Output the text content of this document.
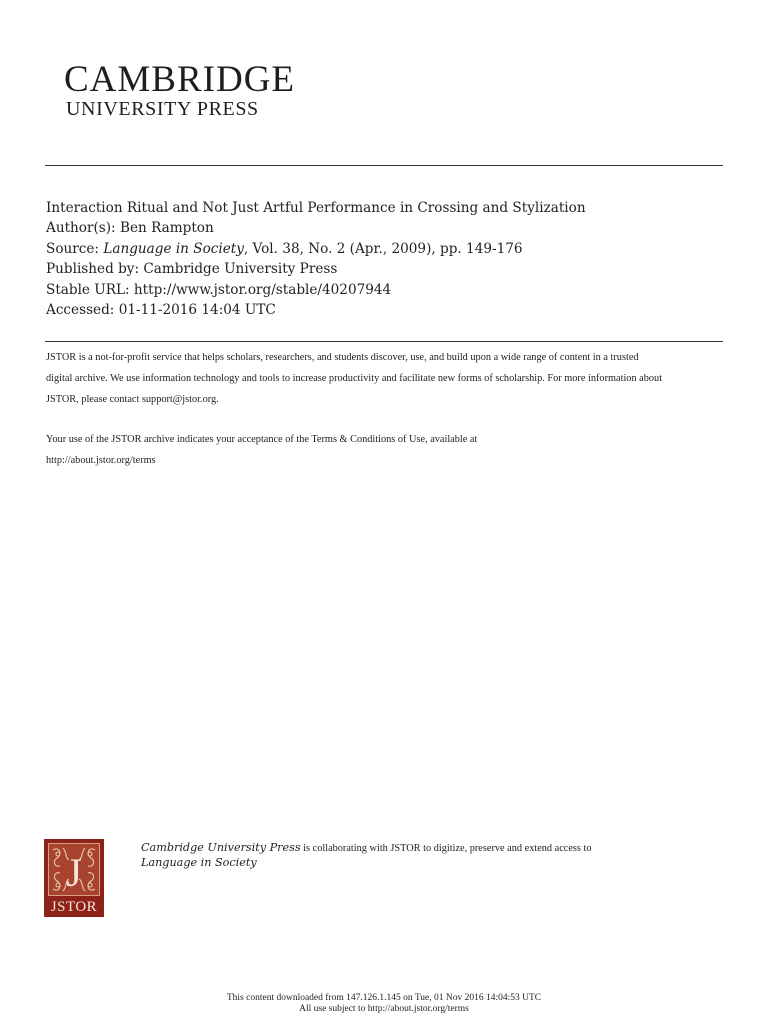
CAMBRIDGE
UNIVERSITY PRESS
Interaction Ritual and Not Just Artful Performance in Crossing and Stylization
Author(s): Ben Rampton
Source: Language in Society, Vol. 38, No. 2 (Apr., 2009), pp. 149-176
Published by: Cambridge University Press
Stable URL: http://www.jstor.org/stable/40207944
Accessed: 01-11-2016 14:04 UTC

JSTOR is a not-for-profit service that helps scholars, researchers, and students discover, use, and build upon a wide range of content in a trusted

digital archive. We use information technology and tools to increase productivity and facilitate new forms of scholarship. For more information about

JSTOR, please contact support@jstor.org.

Your use of the JSTOR archive indicates your acceptance of the Terms & Conditions of Use, available at

http://about.jstor.org/terms

J
JSTOR
Cambridge University Press is collaborating with JSTOR to digitize, preserve and extend access to
Language in Society
This content downloaded from 147.126.1.145 on Tue, 01 Nov 2016 14:04:53 UTC
All use subject to http://about.jstor.org/terms
